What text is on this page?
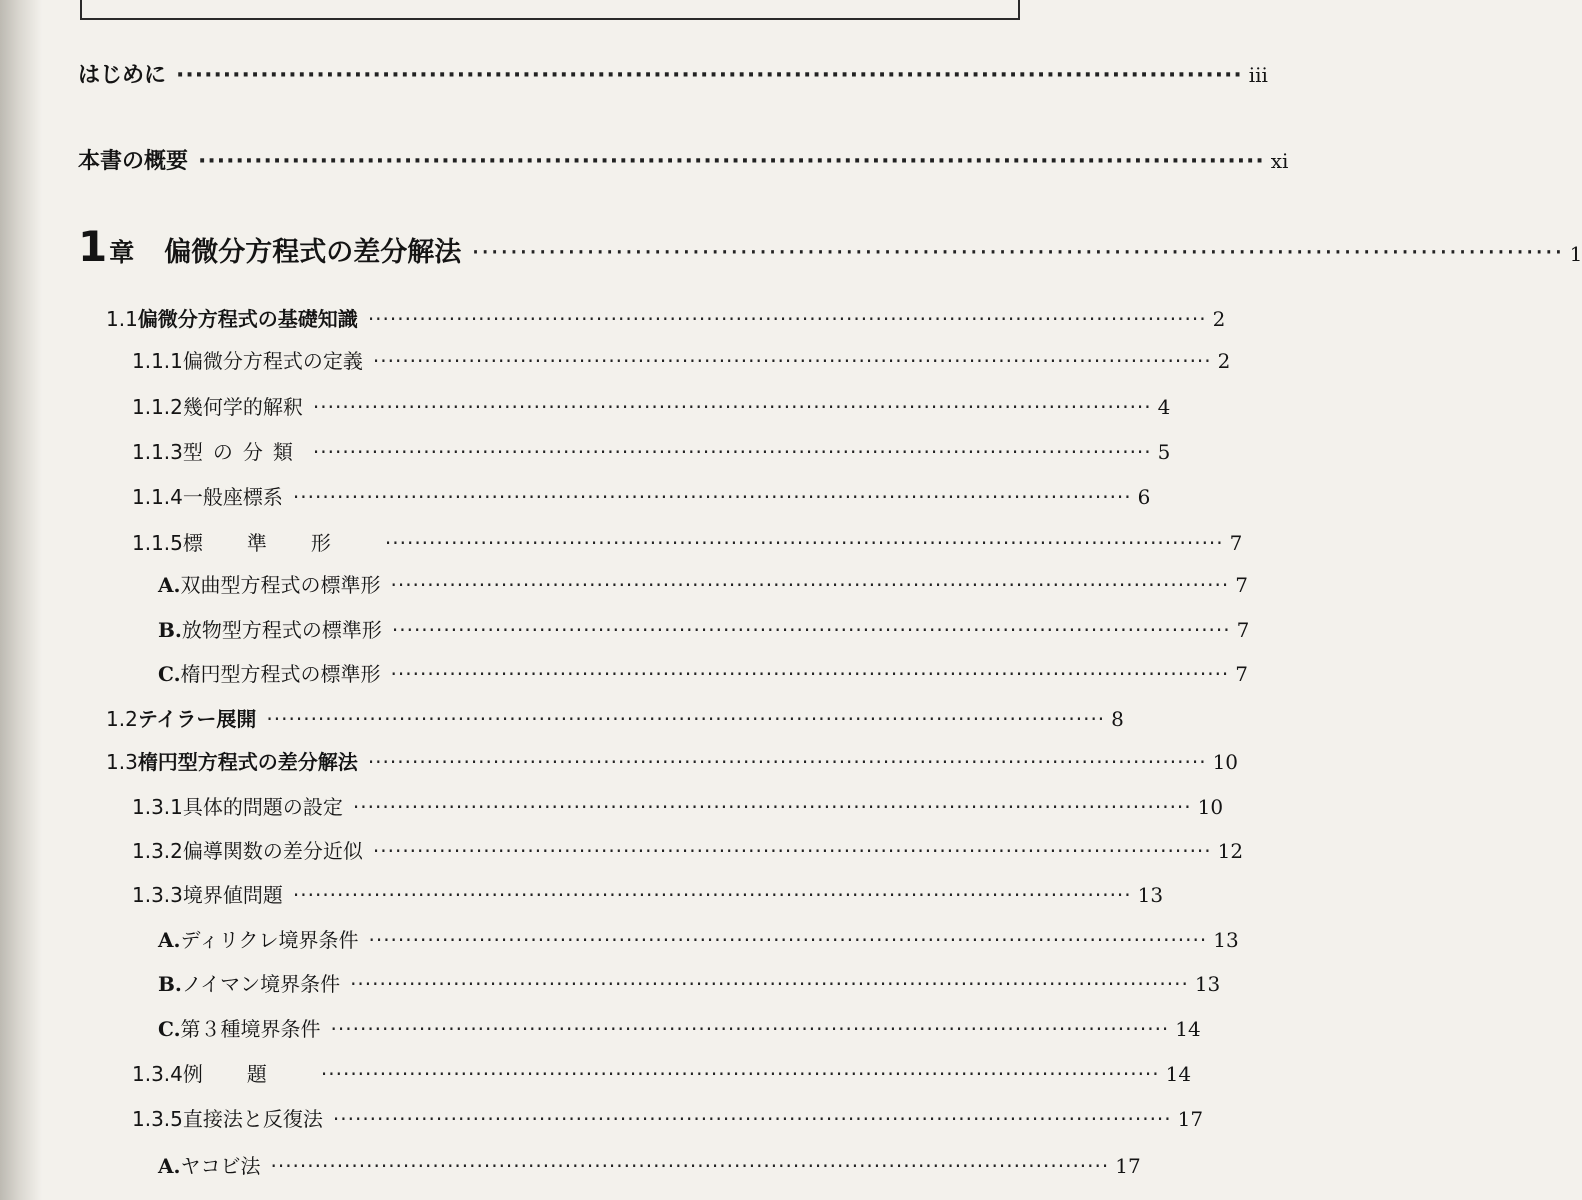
はじめに ·················································································································· iii
本書の概要 ·················································································································· xi
1 章 偏微分方程式の差分解法 ·················································································································· 1
1.1 偏微分方程式の基礎知識 ·················································································································· 2
1.1.1 偏微分方程式の定義 ·················································································································· 2
1.1.2 幾何学的解釈 ·················································································································· 4
1.1.3 型の分類 ·················································································································· 5
1.1.4 一般座標系 ·················································································································· 6
1.1.5 標準形 ·················································································································· 7
A. 双曲型方程式の標準形 ·················································································································· 7
B. 放物型方程式の標準形 ·················································································································· 7
C. 楕円型方程式の標準形 ·················································································································· 7
1.2 テイラー展開 ·················································································································· 8
1.3 楕円型方程式の差分解法 ·················································································································· 10
1.3.1 具体的問題の設定 ·················································································································· 10
1.3.2 偏導関数の差分近似 ·················································································································· 12
1.3.3 境界値問題 ·················································································································· 13
A. ディリクレ境界条件 ·················································································································· 13
B. ノイマン境界条件 ·················································································································· 13
C. 第３種境界条件 ·················································································································· 14
1.3.4 例題 ·················································································································· 14
1.3.5 直接法と反復法 ·················································································································· 17
A. ヤコビ法 ·················································································································· 17
